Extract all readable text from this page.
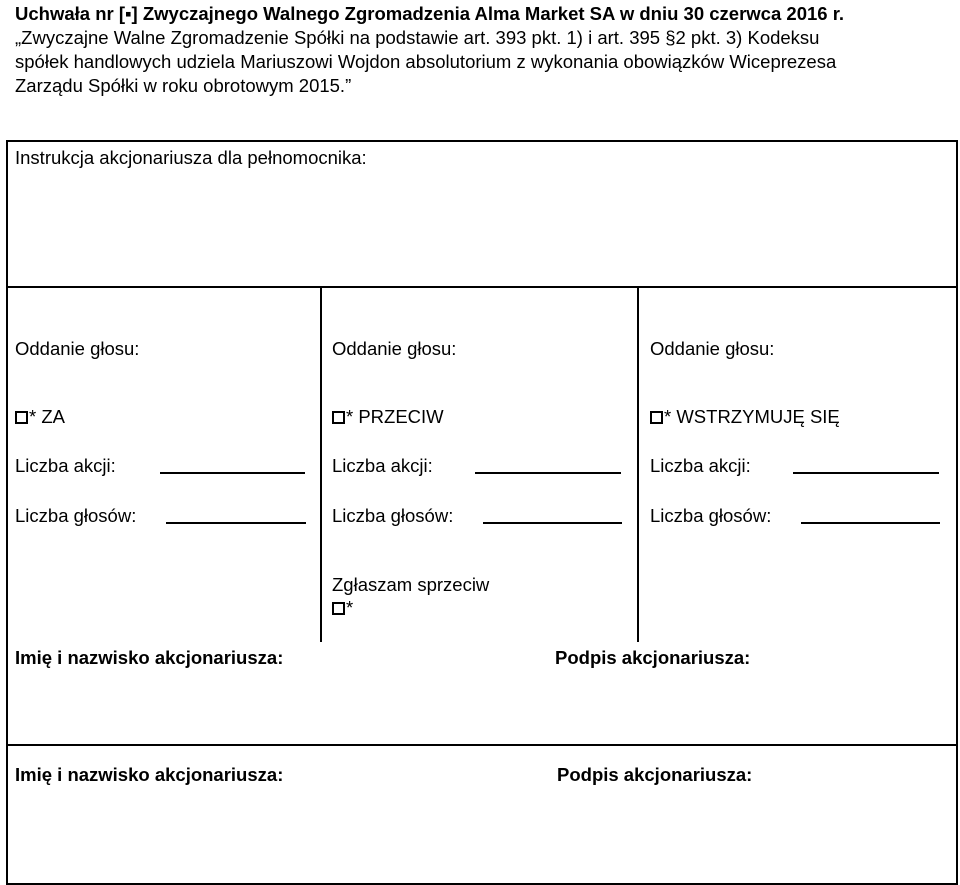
Uchwała nr [▪] Zwyczajnego Walnego Zgromadzenia Alma Market SA w dniu 30 czerwca 2016 r.
„Zwyczajne Walne Zgromadzenie Spółki na podstawie art. 393 pkt. 1) i art. 395 §2 pkt. 3) Kodeksu
spółek handlowych udziela Mariuszowi Wojdon absolutorium z wykonania obowiązków Wiceprezesa
Zarządu Spółki w roku obrotowym 2015.”
Instrukcja akcjonariusza dla pełnomocnika:
Oddanie głosu:
* ZA
Liczba akcji:
Liczba głosów:
Oddanie głosu:
* PRZECIW
Liczba akcji:
Liczba głosów:
Oddanie głosu:
* WSTRZYMUJĘ SIĘ
Liczba akcji:
Liczba głosów:
Zgłaszam sprzeciw
*
Imię i nazwisko akcjonariusza:	Podpis akcjonariusza:
Imię i nazwisko akcjonariusza:	Podpis akcjonariusza:
